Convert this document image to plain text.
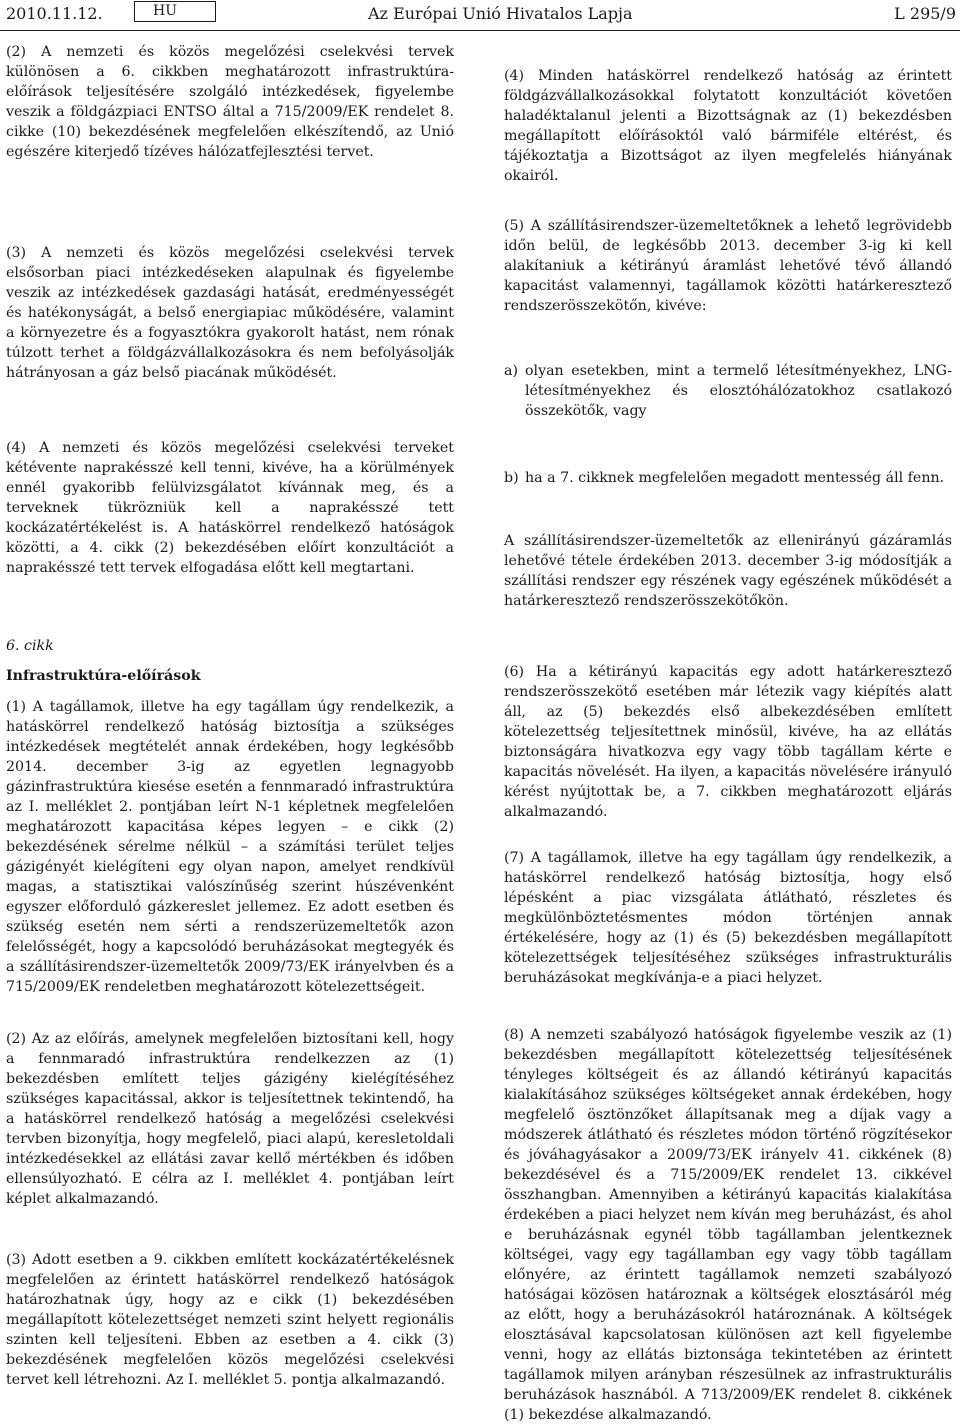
2010.11.12.	HU	Az Európai Unió Hivatalos Lapja	L 295/9

(2) A nemzeti és közös megelőzési cselekvési tervek különösen a 6. cikkben meghatározott infrastruktúra-előírások teljesítésére szolgáló intézkedések, figyelembe veszik a földgázpiaci ENTSO által a 715/2009/EK rendelet 8. cikke (10) bekezdésének megfelelően elkészítendő, az Unió egészére kiterjedő tízéves hálózatfejlesztési tervet.

(3) A nemzeti és közös megelőzési cselekvési tervek elsősorban piaci intézkedéseken alapulnak és figyelembe veszik az intézkedések gazdasági hatását, eredményességét és hatékonyságát, a belső energiapiac működésére, valamint a környezetre és a fogyasztókra gyakorolt hatást, nem rónak túlzott terhet a földgázvállalkozásokra és nem befolyásolják hátrányosan a gáz belső piacának működését.

(4) A nemzeti és közös megelőzési cselekvési terveket kétévente naprakésszé kell tenni, kivéve, ha a körülmények ennél gyakoribb felülvizsgálatot kívánnak meg, és a terveknek tükrözniük kell a naprakésszé tett kockázatértékelést is. A hatáskörrel rendelkező hatóságok közötti, a 4. cikk (2) bekezdésében előírt konzultációt a naprakésszé tett tervek elfogadása előtt kell megtartani.

6. cikk

Infrastruktúra-előírások

(1) A tagállamok, illetve ha egy tagállam úgy rendelkezik, a hatáskörrel rendelkező hatóság biztosítja a szükséges intézkedések megtételét annak érdekében, hogy legkésőbb 2014. december 3-ig az egyetlen legnagyobb gázinfrastruktúra kiesése esetén a fennmaradó infrastruktúra az I. melléklet 2. pontjában leírt N-1 képletnek megfelelően meghatározott kapacitása képes legyen – e cikk (2) bekezdésének sérelme nélkül – a számítási terület teljes gázigényét kielégíteni egy olyan napon, amelyet rendkívül magas, a statisztikai valószínűség szerint húszévenként egyszer előforduló gázkereslet jellemez. Ez adott esetben és szükség esetén nem sérti a rendszerüzemeltetők azon felelősségét, hogy a kapcsolódó beruházásokat megtegyék és a szállításirendszer-üzemeltetők 2009/73/EK irányelvben és a 715/2009/EK rendeletben meghatározott kötelezettségeit.

(2) Az az előírás, amelynek megfelelően biztosítani kell, hogy a fennmaradó infrastruktúra rendelkezzen az (1) bekezdésben említett teljes gázigény kielégítéséhez szükséges kapacitással, akkor is teljesítettnek tekintendő, ha a hatáskörrel rendelkező hatóság a megelőzési cselekvési tervben bizonyítja, hogy megfelelő, piaci alapú, keresletoldali intézkedésekkel az ellátási zavar kellő mértékben és időben ellensúlyozható. E célra az I. melléklet 4. pontjában leírt képlet alkalmazandó.

(3) Adott esetben a 9. cikkben említett kockázatértékelésnek megfelelően az érintett hatáskörrel rendelkező hatóságok határozhatnak úgy, hogy az e cikk (1) bekezdésében megállapított kötelezettséget nemzeti szint helyett regionális szinten kell teljesíteni. Ebben az esetben a 4. cikk (3) bekezdésének megfelelően közös megelőzési cselekvési tervet kell létrehozni. Az I. melléklet 5. pontja alkalmazandó.

(4) Minden hatáskörrel rendelkező hatóság az érintett földgázvállalkozásokkal folytatott konzultációt követően haladéktalanul jelenti a Bizottságnak az (1) bekezdésben megállapított előírásoktól való bármiféle eltérést, és tájékoztatja a Bizottságot az ilyen megfelelés hiányának okairól.

(5) A szállításirendszer-üzemeltetőknek a lehető legrövidebb időn belül, de legkésőbb 2013. december 3-ig ki kell alakítaniuk a kétirányú áramlást lehetővé tévő állandó kapacitást valamennyi, tagállamok közötti határkeresztező rendszerösszekötőn, kivéve:

a) olyan esetekben, mint a termelő létesítményekhez, LNG-létesítményekhez és elosztóhálózatokhoz csatlakozó összekötők, vagy
b) ha a 7. cikknek megfelelően megadott mentesség áll fenn.

A szállításirendszer-üzemeltetők az ellenirányú gázáramlás lehetővé tétele érdekében 2013. december 3-ig módosítják a szállítási rendszer egy részének vagy egészének működését a határkeresztező rendszerösszekötőkön.

(6) Ha a kétirányú kapacitás egy adott határkeresztező rendszerösszekötő esetében már létezik vagy kiépítés alatt áll, az (5) bekezdés első albekezdésében említett kötelezettség teljesítettnek minősül, kivéve, ha az ellátás biztonságára hivatkozva egy vagy több tagállam kérte e kapacitás növelését. Ha ilyen, a kapacitás növelésére irányuló kérést nyújtottak be, a 7. cikkben meghatározott eljárás alkalmazandó.

(7) A tagállamok, illetve ha egy tagállam úgy rendelkezik, a hatáskörrel rendelkező hatóság biztosítja, hogy első lépésként a piac vizsgálata átlátható, részletes és megkülönböztetésmentes módon történjen annak értékelésére, hogy az (1) és (5) bekezdésben megállapított kötelezettségek teljesítéséhez szükséges infrastrukturális beruházásokat megkívánja-e a piaci helyzet.

(8) A nemzeti szabályozó hatóságok figyelembe veszik az (1) bekezdésben megállapított kötelezettség teljesítésének tényleges költségeit és az állandó kétirányú kapacitás kialakításához szükséges költségeket annak érdekében, hogy megfelelő ösztönzőket állapítsanak meg a díjak vagy a módszerek átlátható és részletes módon történő rögzítésekor és jóváhagyásakor a 2009/73/EK irányelv 41. cikkének (8) bekezdésével és a 715/2009/EK rendelet 13. cikkével összhangban. Amennyiben a kétirányú kapacitás kialakítása érdekében a piaci helyzet nem kíván meg beruházást, és ahol e beruházásnak egynél több tagállamban jelentkeznek költségei, vagy egy tagállamban egy vagy több tagállam előnyére, az érintett tagállamok nemzeti szabályozó hatóságai közösen határoznak a költségek elosztásáról még az előtt, hogy a beruházásokról határoznának. A költségek elosztásával kapcsolatosan különösen azt kell figyelembe venni, hogy az ellátás biztonsága tekintetében az érintett tagállamok milyen arányban részesülnek az infrastrukturális beruházások hasznából. A 713/2009/EK rendelet 8. cikkének (1) bekezdése alkalmazandó.
